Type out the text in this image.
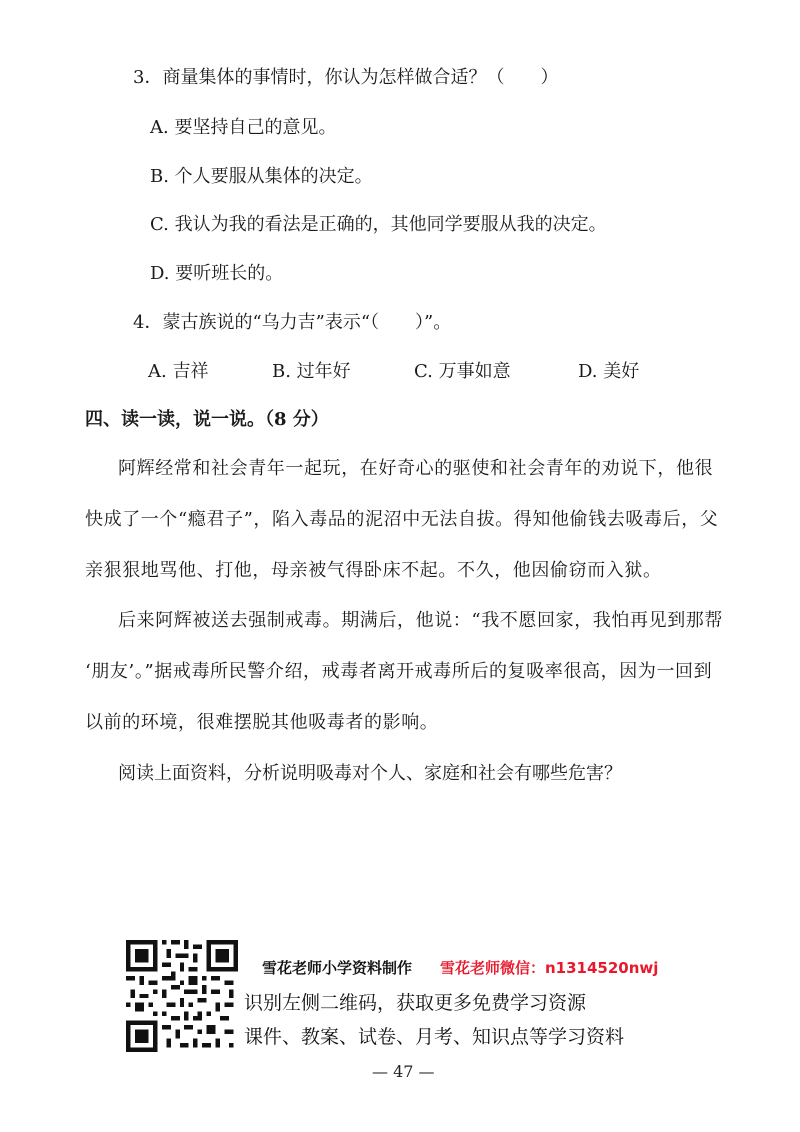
3．商量集体的事情时，你认为怎样做合适？（　　）
A. 要坚持自己的意见。
B. 个人要服从集体的决定。
C. 我认为我的看法是正确的，其他同学要服从我的决定。
D. 要听班长的。
4．蒙古族说的“乌力吉”表示“（　　）”。
A. 吉祥	B. 过年好	C. 万事如意	D. 美好
四、读一读，说一说。（8 分）
阿辉经常和社会青年一起玩，在好奇心的驱使和社会青年的劝说下，他很
快成了一个“瘾君子”，陷入毒品的泥沼中无法自拔。得知他偷钱去吸毒后，父
亲狠狠地骂他、打他，母亲被气得卧床不起。不久，他因偷窃而入狱。
后来阿辉被送去强制戒毒。期满后，他说：“我不愿回家，我怕再见到那帮
‘朋友’。”据戒毒所民警介绍，戒毒者离开戒毒所后的复吸率很高，因为一回到
以前的环境，很难摆脱其他吸毒者的影响。
阅读上面资料，分析说明吸毒对个人、家庭和社会有哪些危害？
雪花老师小学资料制作 雪花老师微信：n1314520nwj
识别左侧二维码，获取更多免费学习资源
课件、教案、试卷、月考、知识点等学习资料
— 47 —
